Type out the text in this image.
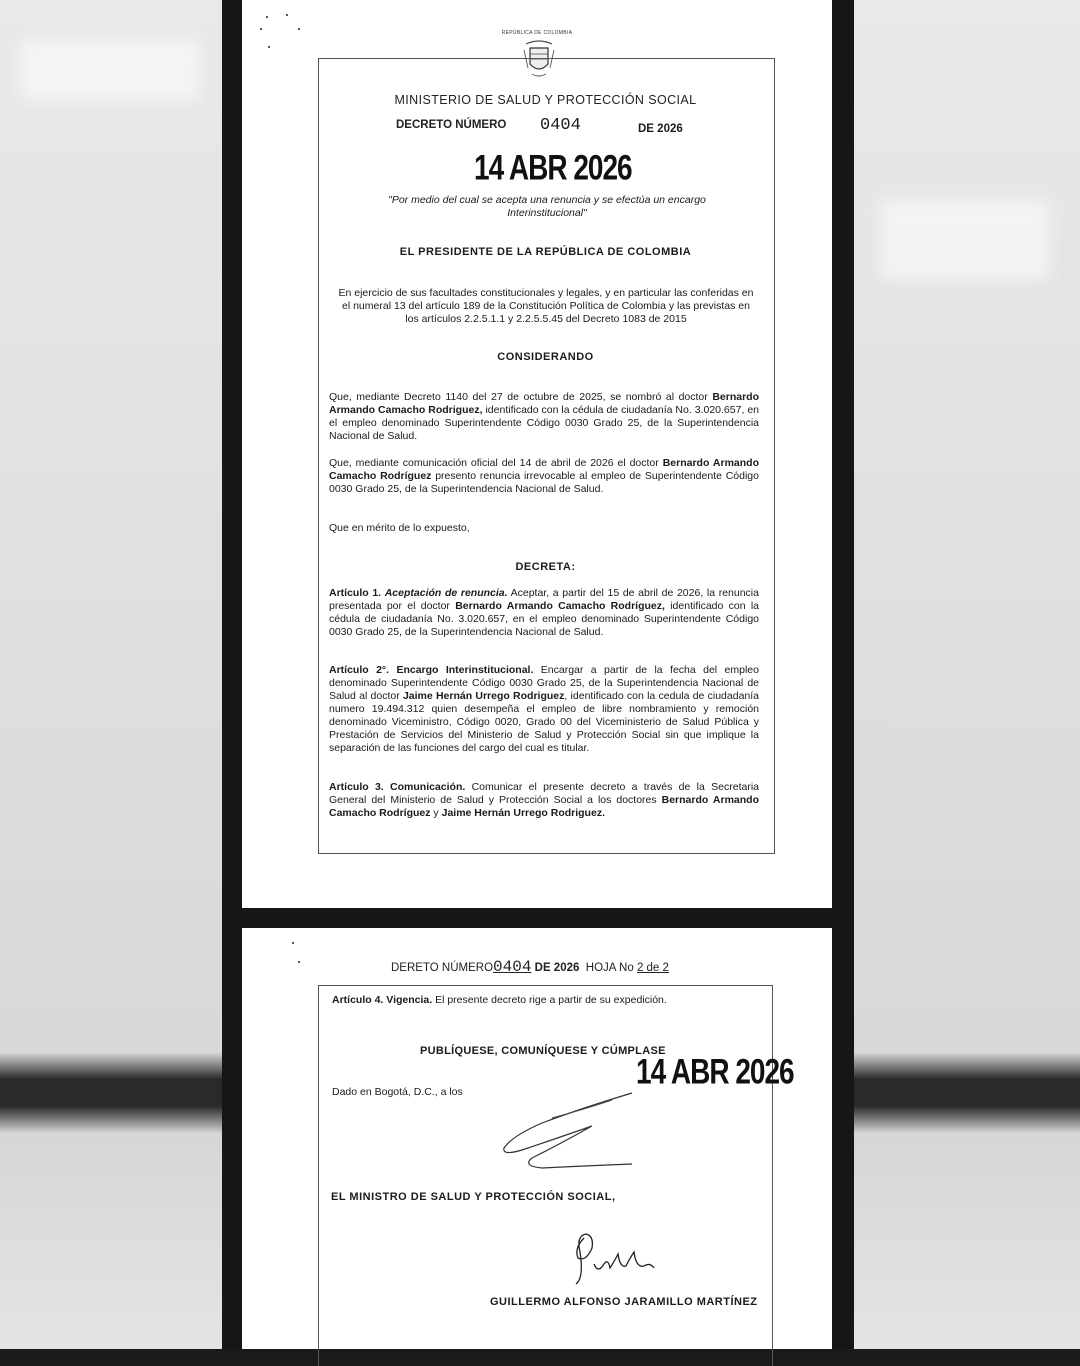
REPÚBLICA DE COLOMBIA
MINISTERIO DE SALUD Y PROTECCIÓN SOCIAL
DECRETO NÚMERO 0404	DE 2026
14 ABR 2026
"Por medio del cual se acepta una renuncia y se efectúa un encargo Interinstitucional"
EL PRESIDENTE DE LA REPÚBLICA DE COLOMBIA
En ejercicio de sus facultades constitucionales y legales, y en particular las conferidas en el numeral 13 del artículo 189 de la Constitución Política de Colombia y las previstas en los artículos 2.2.5.1.1 y 2.2.5.5.45 del Decreto 1083 de 2015
CONSIDERANDO
Que, mediante Decreto 1140 del 27 de octubre de 2025, se nombró al doctor Bernardo Armando Camacho Rodriguez, identificado con la cédula de ciudadanía No. 3.020.657, en el empleo denominado Superintendente Código 0030 Grado 25, de la Superintendencia Nacional de Salud.
Que, mediante comunicación oficial del 14 de abril de 2026 el doctor Bernardo Armando Camacho Rodríguez presento renuncia irrevocable al empleo de Superintendente Código 0030 Grado 25, de la Superintendencia Nacional de Salud.
Que en mérito de lo expuesto,
DECRETA:
Artículo 1. Aceptación de renuncia. Aceptar, a partir del 15 de abril de 2026, la renuncia presentada por el doctor Bernardo Armando Camacho Rodríguez, identificado con la cédula de ciudadanía No. 3.020.657, en el empleo denominado Superintendente Código 0030 Grado 25, de la Superintendencia Nacional de Salud.
Artículo 2°. Encargo Interinstitucional. Encargar a partir de la fecha del empleo denominado Superintendente Código 0030 Grado 25, de la Superintendencia Nacional de Salud al doctor Jaime Hernán Urrego Rodriguez, identificado con la cedula de ciudadanía numero 19.494.312 quien desempeña el empleo de libre nombramiento y remoción denominado Viceministro, Código 0020, Grado 00 del Viceministerio de Salud Pública y Prestación de Servicios del Ministerio de Salud y Protección Social sin que implique la separación de las funciones del cargo del cual es titular.
Artículo 3. Comunicación. Comunicar el presente decreto a través de la Secretaria General del Ministerio de Salud y Protección Social a los doctores Bernardo Armando Camacho Rodríguez y Jaime Hernán Urrego Rodriguez.
DERETO NÚMERO0404 DE 2026 HOJA No 2 de 2
Artículo 4. Vigencia. El presente decreto rige a partir de su expedición.
PUBLÍQUESE, COMUNÍQUESE Y CÚMPLASE
14 ABR 2026
Dado en Bogotá, D.C., a los
EL MINISTRO DE SALUD Y PROTECCIÓN SOCIAL,
GUILLERMO ALFONSO JARAMILLO MARTÍNEZ
